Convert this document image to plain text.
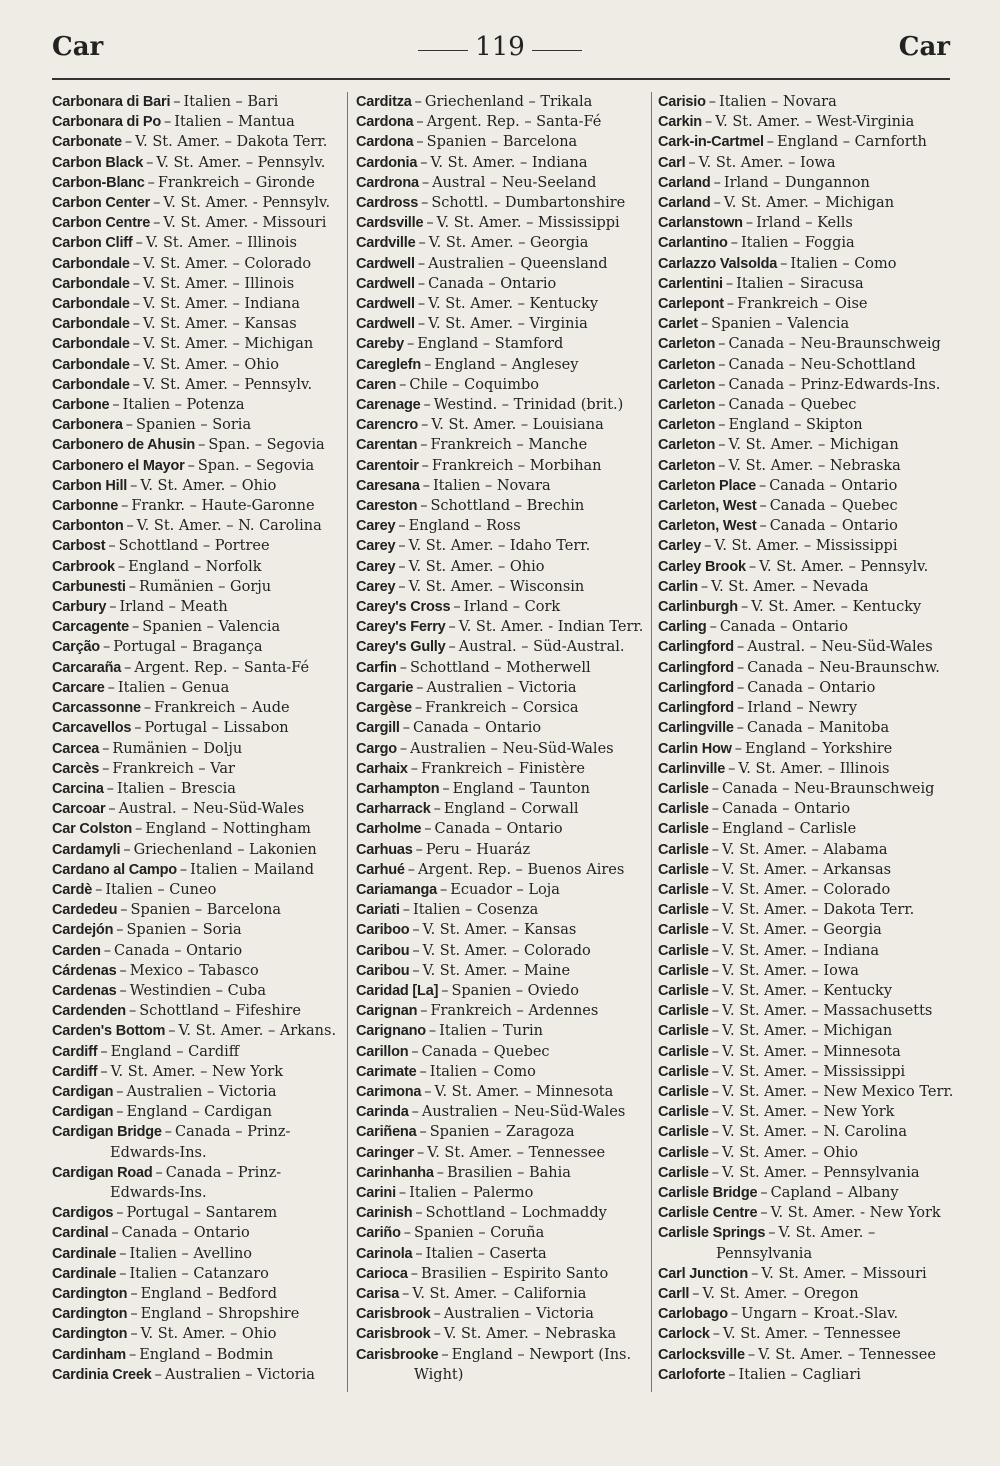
Car	119	Car
Carbonara di Bari – Italien – Bari
Carbonara di Po – Italien – Mantua
Carbonate – V. St. Amer. – Dakota Terr.
Carbon Black – V. St. Amer. – Pennsylv.
Carbon-Blanc – Frankreich – Gironde
Carbon Center – V. St. Amer. - Pennsylv.
Carbon Centre – V. St. Amer. - Missouri
Carbon Cliff – V. St. Amer. – Illinois
Carbondale – V. St. Amer. – Colorado
Carbondale – V. St. Amer. – Illinois
Carbondale – V. St. Amer. – Indiana
Carbondale – V. St. Amer. – Kansas
Carbondale – V. St. Amer. – Michigan
Carbondale – V. St. Amer. – Ohio
Carbondale – V. St. Amer. – Pennsylv.
Carbone – Italien – Potenza
Carbonera – Spanien – Soria
Carbonero de Ahusin – Span. – Segovia
Carbonero el Mayor – Span. – Segovia
Carbon Hill – V. St. Amer. – Ohio
Carbonne – Frankr. – Haute-Garonne
Carbonton – V. St. Amer. – N. Carolina
Carbost – Schottland – Portree
Carbrook – England – Norfolk
Carbunesti – Rumänien – Gorju
Carbury – Irland – Meath
Carcagente – Spanien – Valencia
Carção – Portugal – Bragança
Carcaraña – Argent. Rep. – Santa-Fé
Carcare – Italien – Genua
Carcassonne – Frankreich – Aude
Carcavellos – Portugal – Lissabon
Carcea – Rumänien – Dolju
Carcès – Frankreich – Var
Carcina – Italien – Brescia
Carcoar – Austral. – Neu-Süd-Wales
Car Colston – England – Nottingham
Cardamyli – Griechenland – Lakonien
Cardano al Campo – Italien – Mailand
Cardè – Italien – Cuneo
Cardedeu – Spanien – Barcelona
Cardejón – Spanien – Soria
Carden – Canada – Ontario
Cárdenas – Mexico – Tabasco
Cardenas – Westindien – Cuba
Cardenden – Schottland – Fifeshire
Carden's Bottom – V. St. Amer. – Arkans.
Cardiff – England – Cardiff
Cardiff – V. St. Amer. – New York
Cardigan – Australien – Victoria
Cardigan – England – Cardigan
Cardigan Bridge – Canada – Prinz-Edwards-Ins.
Cardigan Road – Canada – Prinz-Edwards-Ins.
Cardigos – Portugal – Santarem
Cardinal – Canada – Ontario
Cardinale – Italien – Avellino
Cardinale – Italien – Catanzaro
Cardington – England – Bedford
Cardington – England – Shropshire
Cardington – V. St. Amer. – Ohio
Cardinham – England – Bodmin
Cardinia Creek – Australien – Victoria
Carditza – Griechenland – Trikala
Cardona – Argent. Rep. – Santa-Fé
Cardona – Spanien – Barcelona
Cardonia – V. St. Amer. – Indiana
Cardrona – Austral – Neu-Seeland
Cardross – Schottl. – Dumbartonshire
Cardsville – V. St. Amer. – Mississippi
Cardville – V. St. Amer. – Georgia
Cardwell – Australien – Queensland
Cardwell – Canada – Ontario
Cardwell – V. St. Amer. – Kentucky
Cardwell – V. St. Amer. – Virginia
Careby – England – Stamford
Careglefn – England – Anglesey
Caren – Chile – Coquimbo
Carenage – Westind. – Trinidad (brit.)
Carencro – V. St. Amer. – Louisiana
Carentan – Frankreich – Manche
Carentoir – Frankreich – Morbihan
Caresana – Italien – Novara
Careston – Schottland – Brechin
Carey – England – Ross
Carey – V. St. Amer. – Idaho Terr.
Carey – V. St. Amer. – Ohio
Carey – V. St. Amer. – Wisconsin
Carey's Cross – Irland – Cork
Carey's Ferry – V. St. Amer. - Indian Terr.
Carey's Gully – Austral. – Süd-Austral.
Carfin – Schottland – Motherwell
Cargarie – Australien – Victoria
Cargèse – Frankreich – Corsica
Cargill – Canada – Ontario
Cargo – Australien – Neu-Süd-Wales
Carhaix – Frankreich – Finistère
Carhampton – England – Taunton
Carharrack – England – Corwall
Carholme – Canada – Ontario
Carhuas – Peru – Huaráz
Carhué – Argent. Rep. – Buenos Aires
Cariamanga – Ecuador – Loja
Cariati – Italien – Cosenza
Cariboo – V. St. Amer. – Kansas
Caribou – V. St. Amer. – Colorado
Caribou – V. St. Amer. – Maine
Caridad [La] – Spanien – Oviedo
Carignan – Frankreich – Ardennes
Carignano – Italien – Turin
Carillon – Canada – Quebec
Carimate – Italien – Como
Carimona – V. St. Amer. – Minnesota
Carinda – Australien – Neu-Süd-Wales
Cariñena – Spanien – Zaragoza
Caringer – V. St. Amer. – Tennessee
Carinhanha – Brasilien – Bahia
Carini – Italien – Palermo
Carinish – Schottland – Lochmaddy
Cariño – Spanien – Coruña
Carinola – Italien – Caserta
Carioca – Brasilien – Espirito Santo
Carisa – V. St. Amer. – California
Carisbrook – Australien – Victoria
Carisbrook – V. St. Amer. – Nebraska
Carisbrooke – England – Newport (Ins. Wight)
Carisio – Italien – Novara
Carkin – V. St. Amer. – West-Virginia
Cark-in-Cartmel – England – Carnforth
Carl – V. St. Amer. – Iowa
Carland – Irland – Dungannon
Carland – V. St. Amer. – Michigan
Carlanstown – Irland – Kells
Carlantino – Italien – Foggia
Carlazzo Valsolda – Italien – Como
Carlentini – Italien – Siracusa
Carlepont – Frankreich – Oise
Carlet – Spanien – Valencia
Carleton – Canada – Neu-Braunschweig
Carleton – Canada – Neu-Schottland
Carleton – Canada – Prinz-Edwards-Ins.
Carleton – Canada – Quebec
Carleton – England – Skipton
Carleton – V. St. Amer. – Michigan
Carleton – V. St. Amer. – Nebraska
Carleton Place – Canada – Ontario
Carleton, West – Canada – Quebec
Carleton, West – Canada – Ontario
Carley – V. St. Amer. – Mississippi
Carley Brook – V. St. Amer. – Pennsylv.
Carlin – V. St. Amer. – Nevada
Carlinburgh – V. St. Amer. – Kentucky
Carling – Canada – Ontario
Carlingford – Austral. – Neu-Süd-Wales
Carlingford – Canada – Neu-Braunschw.
Carlingford – Canada – Ontario
Carlingford – Irland – Newry
Carlingville – Canada – Manitoba
Carlin How – England – Yorkshire
Carlinville – V. St. Amer. – Illinois
Carlisle – Canada – Neu-Braunschweig
Carlisle – Canada – Ontario
Carlisle – England – Carlisle
Carlisle – V. St. Amer. – Alabama
Carlisle – V. St. Amer. – Arkansas
Carlisle – V. St. Amer. – Colorado
Carlisle – V. St. Amer. – Dakota Terr.
Carlisle – V. St. Amer. – Georgia
Carlisle – V. St. Amer. – Indiana
Carlisle – V. St. Amer. – Iowa
Carlisle – V. St. Amer. – Kentucky
Carlisle – V. St. Amer. – Massachusetts
Carlisle – V. St. Amer. – Michigan
Carlisle – V. St. Amer. – Minnesota
Carlisle – V. St. Amer. – Mississippi
Carlisle – V. St. Amer. – New Mexico Terr.
Carlisle – V. St. Amer. – New York
Carlisle – V. St. Amer. – N. Carolina
Carlisle – V. St. Amer. – Ohio
Carlisle – V. St. Amer. – Pennsylvania
Carlisle Bridge – Capland – Albany
Carlisle Centre – V. St. Amer. - New York
Carlisle Springs – V. St. Amer. – Pennsylvania
Carl Junction – V. St. Amer. – Missouri
Carll – V. St. Amer. – Oregon
Carlobago – Ungarn – Kroat.-Slav.
Carlock – V. St. Amer. – Tennessee
Carlocksville – V. St. Amer. – Tennessee
Carloforte – Italien – Cagliari
